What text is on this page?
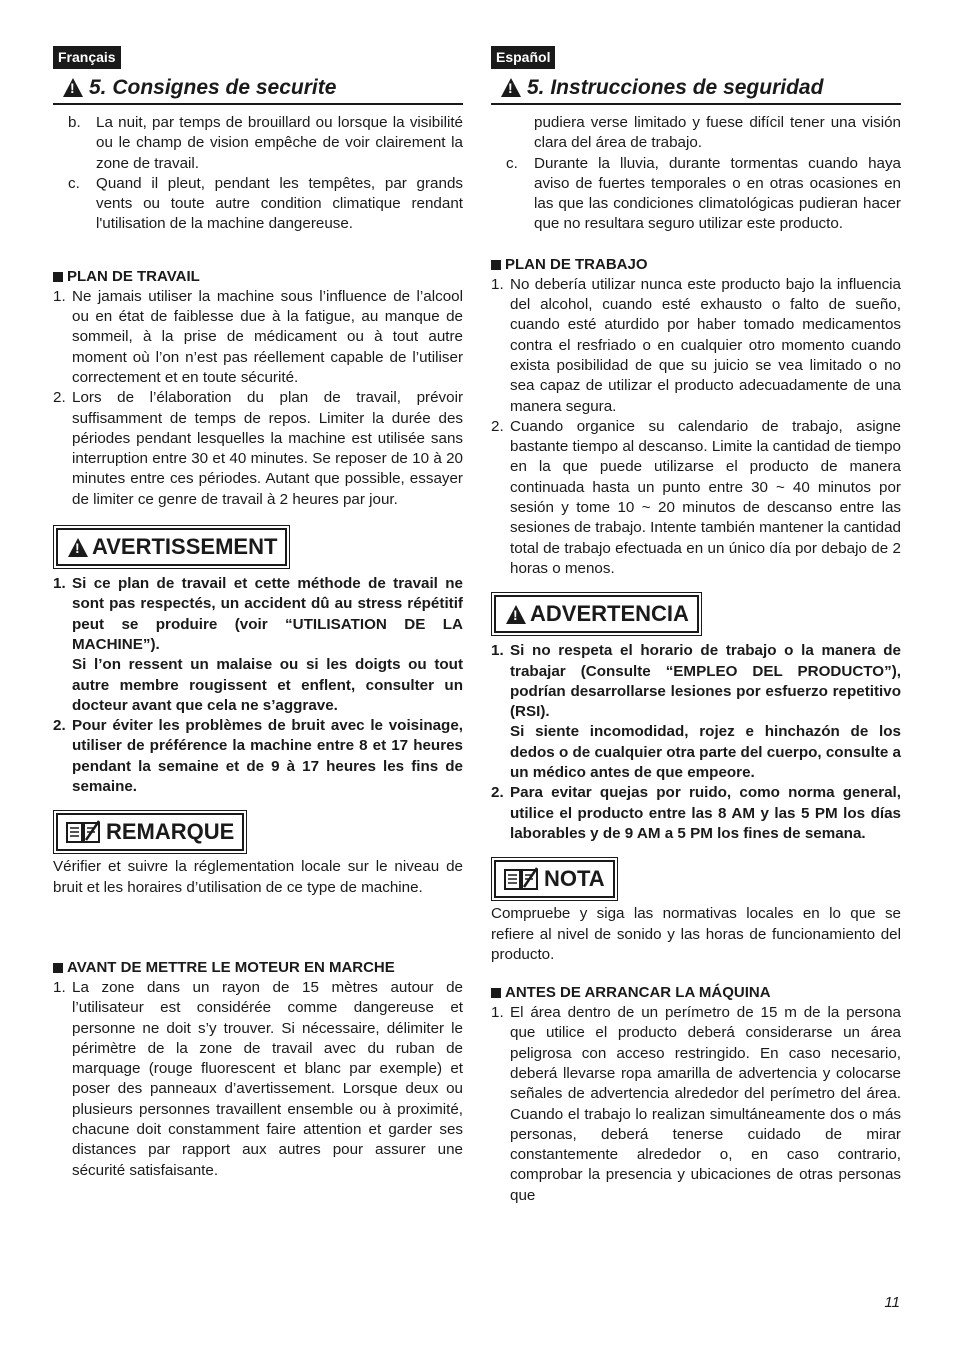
Français
!
5. Consignes de securite
b.	La nuit, par temps de brouillard ou lorsque la visibilité ou le champ de vision empêche de voir clairement la zone de travail.
c.	Quand il pleut, pendant les tempêtes, par grands vents ou toute autre condition climatique rendant l'utilisation de la machine dangereuse.
PLAN DE TRAVAIL
1. Ne jamais utiliser la machine sous l’influence de l’alcool ou en état de faiblesse due à la fatigue, au manque de sommeil, à la prise de médicament ou à tout autre moment où l’on n’est pas réellement capable de l’utiliser correctement et en toute sécurité.
2. Lors de l’élaboration du plan de travail, prévoir suffisamment de temps de repos. Limiter la durée des périodes pendant lesquelles la machine est utilisée sans interruption entre 30 et 40 minutes. Se reposer de 10 à 20 minutes entre ces périodes. Autant que possible, essayer de limiter ce genre de travail à 2 heures par jour.
!
AVERTISSEMENT
1. Si ce plan de travail et cette méthode de travail ne sont pas respectés, un accident dû au stress répétitif peut se produire (voir “UTILISATION DE LA MACHINE”).
Si l’on ressent un malaise ou si les doigts ou tout autre membre rougissent et enflent, consulter un docteur avant que cela ne s’aggrave.
2. Pour éviter les problèmes de bruit avec le voisinage, utiliser de préférence la machine entre 8 et 17 heures pendant la semaine et de 9 à 17 heures les fins de semaine.
REMARQUE
Vérifier et suivre la réglementation locale sur le niveau de bruit et les horaires d’utilisation de ce type de machine.
AVANT DE METTRE LE MOTEUR EN MARCHE
1. La zone dans un rayon de 15 mètres autour de l’utilisateur est considérée comme dangereuse et personne ne doit s’y trouver. Si nécessaire, délimiter le périmètre de la zone de travail avec du ruban de marquage (rouge fluorescent et blanc par exemple) et poser des panneaux d’avertissement. Lorsque deux ou plusieurs personnes travaillent ensemble ou à proximité, chacune doit constamment faire attention et garder ses distances par rapport aux autres pour assurer une sécurité satisfaisante.
Español
!
5. Instrucciones de seguridad
pudiera verse limitado y fuese difícil tener una visión clara del área de trabajo.
c.	Durante la lluvia, durante tormentas cuando haya aviso de fuertes temporales o en otras ocasiones en las que las condiciones climatológicas pudieran hacer que no resultara seguro utilizar este producto.
PLAN DE TRABAJO
1. No debería utilizar nunca este producto bajo la influencia del alcohol, cuando esté exhausto o falto de sueño, cuando esté aturdido por haber tomado medicamentos contra el resfriado o en cualquier otro momento cuando exista posibilidad de que su juicio se vea limitado o no sea capaz de utilizar el producto adecuadamente de una manera segura.
2. Cuando organice su calendario de trabajo, asigne bastante tiempo al descanso. Limite la cantidad de tiempo en la que puede utilizarse el producto de manera continuada hasta un punto entre 30 ~ 40 minutos por sesión y tome 10 ~ 20 minutos de descanso entre las sesiones de trabajo. Intente también mantener la cantidad total de trabajo efectuada en un único día por debajo de 2 horas o menos.
!
ADVERTENCIA
1. Si no respeta el horario de trabajo o la manera de trabajar (Consulte “EMPLEO DEL PRODUCTO”), podrían desarrollarse lesiones por esfuerzo repetitivo (RSI).
Si siente incomodidad, rojez e hinchazón de los dedos o de cualquier otra parte del cuerpo, consulte a un médico antes de que empeore.
2. Para evitar quejas por ruido, como norma general, utilice el producto entre las 8 AM y las 5 PM los días laborables y de 9 AM a 5 PM los fines de semana.
NOTA
Compruebe y siga las normativas locales en lo que se refiere al nivel de sonido y las horas de funcionamiento del producto.
ANTES DE ARRANCAR LA MÁQUINA
1. El área dentro de un perímetro de 15 m de la persona que utilice el producto deberá considerarse un área peligrosa con acceso restringido. En caso necesario, deberá llevarse ropa amarilla de advertencia y colocarse señales de advertencia alrededor del perímetro del área. Cuando el trabajo lo realizan simultáneamente dos o más personas, deberá tenerse cuidado de mirar constantemente alrededor o, en caso contrario, comprobar la presencia y ubicaciones de otras personas que
11
